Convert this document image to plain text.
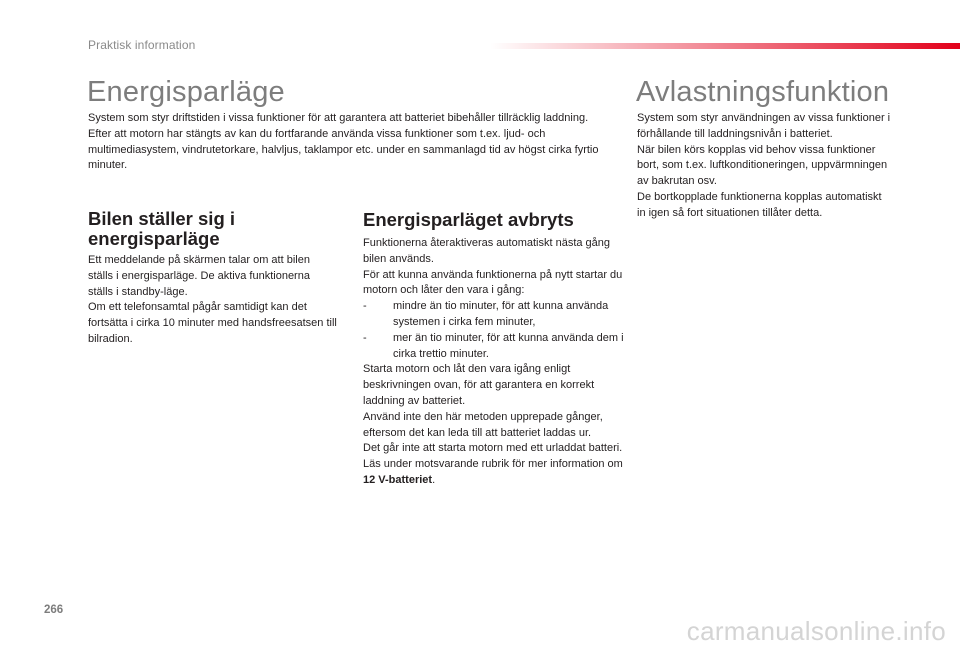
Praktisk information
Energisparläge

System som styr driftstiden i vissa funktioner för att garantera att batteriet bibehåller tillräcklig laddning.

Efter att motorn har stängts av kan du fortfarande använda vissa funktioner som t.ex. ljud- och multimediasystem, vindrutetorkare, halvljus, taklampor etc. under en sammanlagd tid av högst cirka fyrtio minuter.

Bilen ställer sig i energisparläge

Ett meddelande på skärmen talar om att bilen ställs i energisparläge. De aktiva funktionerna ställs i standby-läge.

Om ett telefonsamtal pågår samtidigt kan det fortsätta i cirka 10 minuter med handsfreesatsen till bilradion.

Energisparläget avbryts

Funktionerna återaktiveras automatiskt nästa gång bilen används.

För att kunna använda funktionerna på nytt startar du motorn och låter den vara i gång:

-	mindre än tio minuter, för att kunna använda systemen i cirka fem minuter,
-	mer än tio minuter, för att kunna använda dem i cirka trettio minuter.

Starta motorn och låt den vara igång enligt beskrivningen ovan, för att garantera en korrekt laddning av batteriet.

Använd inte den här metoden upprepade gånger, eftersom det kan leda till att batteriet laddas ur.

Det går inte att starta motorn med ett urladdat batteri.

Läs under motsvarande rubrik för mer information om 12 V-batteriet.

Avlastningsfunktion

System som styr användningen av vissa funktioner i förhållande till laddningsnivån i batteriet.

När bilen körs kopplas vid behov vissa funktioner bort, som t.ex. luftkonditioneringen, uppvärmningen av bakrutan osv.

De bortkopplade funktionerna kopplas automatiskt in igen så fort situationen tillåter detta.

266
carmanualsonline.info
